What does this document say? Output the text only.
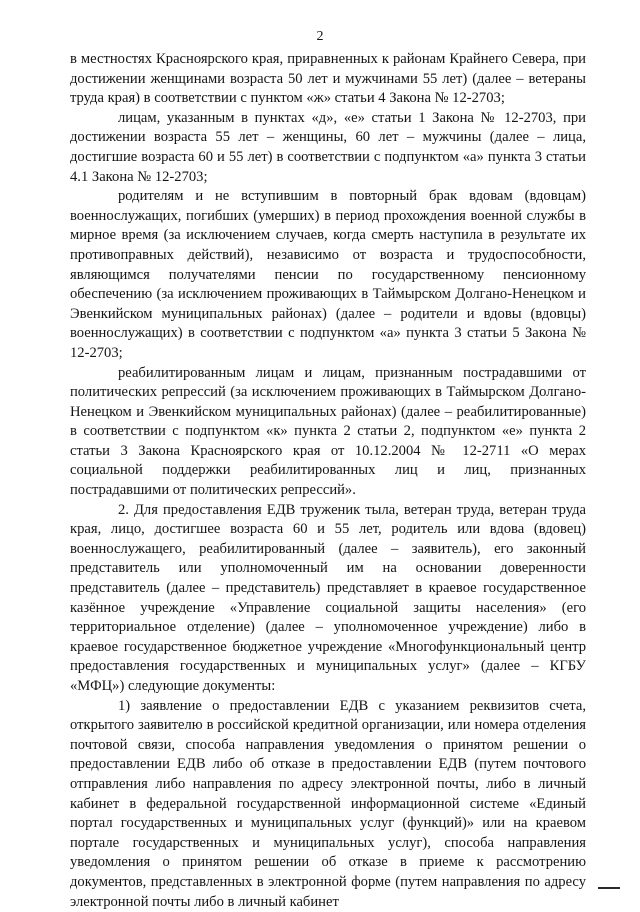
2

в местностях Красноярского края, приравненных к районам Крайнего Севера, при достижении женщинами возраста 50 лет и мужчинами 55 лет) (далее – ветераны труда края) в соответствии с пунктом «ж» статьи 4 Закона № 12-2703;

лицам, указанным в пунктах «д», «е» статьи 1 Закона № 12-2703, при достижении возраста 55 лет – женщины, 60 лет – мужчины (далее – лица, достигшие возраста 60 и 55 лет) в соответствии с подпунктом «а» пункта 3 статьи 4.1 Закона № 12-2703;

родителям и не вступившим в повторный брак вдовам (вдовцам) военнослужащих, погибших (умерших) в период прохождения военной службы в мирное время (за исключением случаев, когда смерть наступила в результате их противоправных действий), независимо от возраста и трудоспособности, являющимся получателями пенсии по государственному пенсионному обеспечению (за исключением проживающих в Таймырском Долгано-Ненецком и Эвенкийском муниципальных районах) (далее – родители и вдовы (вдовцы) военнослужащих) в соответствии с подпунктом «а» пункта 3 статьи 5 Закона № 12-2703;

реабилитированным лицам и лицам, признанным пострадавшими от политических репрессий (за исключением проживающих в Таймырском Долгано-Ненецком и Эвенкийском муниципальных районах) (далее – реабилитированные) в соответствии с подпунктом «к» пункта 2 статьи 2, подпунктом «е» пункта 2 статьи 3 Закона Красноярского края от 10.12.2004 № 12-2711 «О мерах социальной поддержки реабилитированных лиц и лиц, признанных пострадавшими от политических репрессий».

2. Для предоставления ЕДВ труженик тыла, ветеран труда, ветеран труда края, лицо, достигшее возраста 60 и 55 лет, родитель или вдова (вдовец) военнослужащего, реабилитированный (далее – заявитель), его законный представитель или уполномоченный им на основании доверенности представитель (далее – представитель) представляет в краевое государственное казённое учреждение «Управление социальной защиты населения» (его территориальное отделение) (далее – уполномоченное учреждение) либо в краевое государственное бюджетное учреждение «Многофункциональный центр предоставления государственных и муниципальных услуг» (далее – КГБУ «МФЦ») следующие документы:

1) заявление о предоставлении ЕДВ с указанием реквизитов счета, открытого заявителю в российской кредитной организации, или номера отделения почтовой связи, способа направления уведомления о принятом решении о предоставлении ЕДВ либо об отказе в предоставлении ЕДВ (путем почтового отправления либо направления по адресу электронной почты, либо в личный кабинет в федеральной государственной информационной системе «Единый портал государственных и муниципальных услуг (функций)» или на краевом портале государственных и муниципальных услуг), способа направления уведомления о принятом решении об отказе в приеме к рассмотрению документов, представленных в электронной форме (путем направления по адресу электронной почты либо в личный кабинет
